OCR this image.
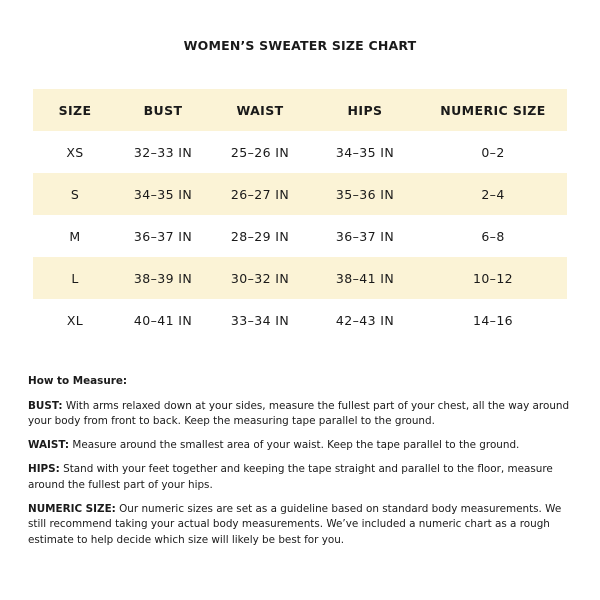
WOMEN’S SWEATER SIZE CHART
SIZE	BUST	WAIST	HIPS	NUMERIC SIZE
XS	32–33 IN	25–26 IN	34–35 IN	0–2
S	34–35 IN	26–27 IN	35–36 IN	2–4
M	36–37 IN	28–29 IN	36–37 IN	6–8
L	38–39 IN	30–32 IN	38–41 IN	10–12
XL	40–41 IN	33–34 IN	42–43 IN	14–16

How to Measure:

BUST: With arms relaxed down at your sides, measure the fullest part of your chest, all the way around your body from front to back. Keep the measuring tape parallel to the ground.

WAIST: Measure around the smallest area of your waist. Keep the tape parallel to the ground.

HIPS: Stand with your feet together and keeping the tape straight and parallel to the floor, measure around the fullest part of your hips.

NUMERIC SIZE: Our numeric sizes are set as a guideline based on standard body measurements. We still recommend taking your actual body measurements. We’ve included a numeric chart as a rough estimate to help decide which size will likely be best for you.
